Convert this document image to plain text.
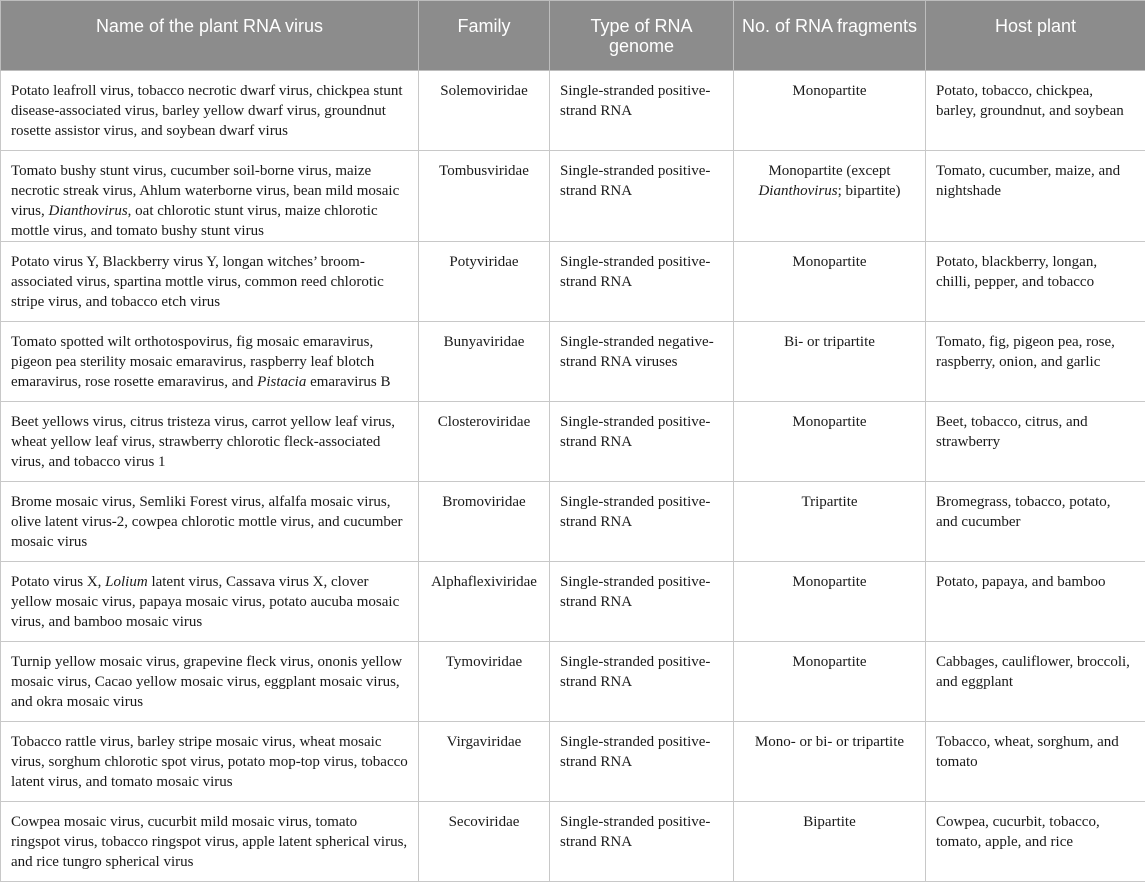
Name of the plant RNA virus	Family	Type of RNA genome	No. of RNA fragments	Host plant
Potato leafroll virus, tobacco necrotic dwarf virus, chickpea stunt disease-associated virus, barley yellow dwarf virus, groundnut rosette assistor virus, and soybean dwarf virus	Solemoviridae	Single-stranded positive-strand RNA	Monopartite	Potato, tobacco, chickpea, barley, groundnut, and soybean
Tomato bushy stunt virus, cucumber soil-borne virus, maize necrotic streak virus, Ahlum waterborne virus, bean mild mosaic virus, Dianthovirus, oat chlorotic stunt virus, maize chlorotic mottle virus, and tomato bushy stunt virus	Tombusviridae	Single-stranded positive-strand RNA	Monopartite (except Dianthovirus; bipartite)	Tomato, cucumber, maize, and nightshade
Potato virus Y, Blackberry virus Y, longan witches’ broom-associated virus, spartina mottle virus, common reed chlorotic stripe virus, and tobacco etch virus	Potyviridae	Single-stranded positive-strand RNA	Monopartite	Potato, blackberry, longan, chilli, pepper, and tobacco
Tomato spotted wilt orthotospovirus, fig mosaic emaravirus, pigeon pea sterility mosaic emaravirus, raspberry leaf blotch emaravirus, rose rosette emaravirus, and Pistacia emaravirus B	Bunyaviridae	Single-stranded negative-strand RNA viruses	Bi- or tripartite	Tomato, fig, pigeon pea, rose, raspberry, onion, and garlic
Beet yellows virus, citrus tristeza virus, carrot yellow leaf virus, wheat yellow leaf virus, strawberry chlorotic fleck-associated virus, and tobacco virus 1	Closteroviridae	Single-stranded positive-strand RNA	Monopartite	Beet, tobacco, citrus, and strawberry
Brome mosaic virus, Semliki Forest virus, alfalfa mosaic virus, olive latent virus-2, cowpea chlorotic mottle virus, and cucumber mosaic virus	Bromoviridae	Single-stranded positive-strand RNA	Tripartite	Bromegrass, tobacco, potato, and cucumber
Potato virus X, Lolium latent virus, Cassava virus X, clover yellow mosaic virus, papaya mosaic virus, potato aucuba mosaic virus, and bamboo mosaic virus	Alphaflexiviridae	Single-stranded positive-strand RNA	Monopartite	Potato, papaya, and bamboo
Turnip yellow mosaic virus, grapevine fleck virus, ononis yellow mosaic virus, Cacao yellow mosaic virus, eggplant mosaic virus, and okra mosaic virus	Tymoviridae	Single-stranded positive-strand RNA	Monopartite	Cabbages, cauliflower, broccoli, and eggplant
Tobacco rattle virus, barley stripe mosaic virus, wheat mosaic virus, sorghum chlorotic spot virus, potato mop-top virus, tobacco latent virus, and tomato mosaic virus	Virgaviridae	Single-stranded positive-strand RNA	Mono- or bi- or tripartite	Tobacco, wheat, sorghum, and tomato
Cowpea mosaic virus, cucurbit mild mosaic virus, tomato ringspot virus, tobacco ringspot virus, apple latent spherical virus, and rice tungro spherical virus	Secoviridae	Single-stranded positive-strand RNA	Bipartite	Cowpea, cucurbit, tobacco, tomato, apple, and rice
